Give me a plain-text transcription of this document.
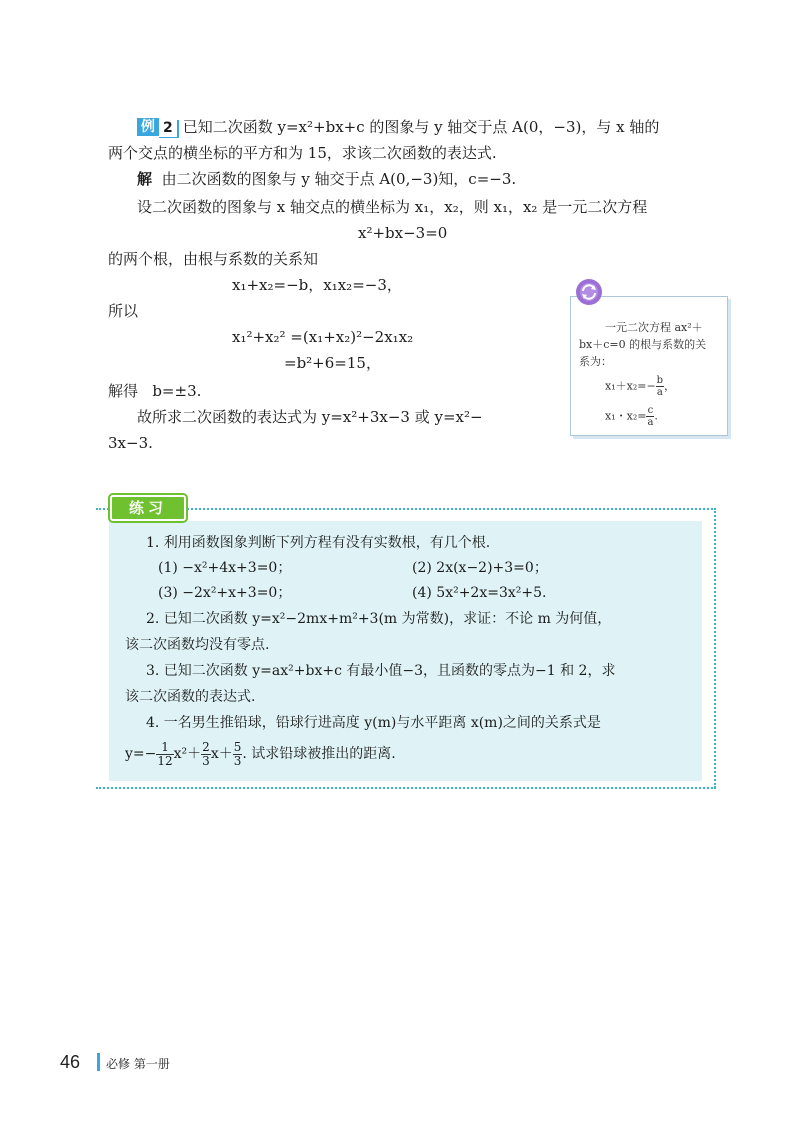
例 2 已知二次函数 y=x²+bx+c 的图象与 y 轴交于点 A(0，−3)，与 x 轴的
两个交点的横坐标的平方和为 15，求该二次函数的表达式.
解 由二次函数的图象与 y 轴交于点 A(0,−3)知，c=−3.
设二次函数的图象与 x 轴交点的横坐标为 x₁，x₂，则 x₁，x₂ 是一元二次方程
x²+bx−3=0
的两个根，由根与系数的关系知
x₁+x₂=−b，x₁x₂=−3，
所以
x₁²+x₂² =(x₁+x₂)²−2x₁x₂
=b²+6=15，
解得 b=±3.
故所求二次函数的表达式为 y=x²+3x−3 或 y=x²−
3x−3.
一元二次方程 ax²＋
bx＋c=0 的根与系数的关
系为：
$x_1+x_2=- \frac{b}{a}$ ，
x₁・$x_2= \frac{c}{a}$ .
练习
1. 利用函数图象判断下列方程有没有实数根，有几个根.
(1) −x²+4x+3=0；	(2) 2x(x−2)+3=0；
(3) −2x²+x+3=0；	(4) 5x²+2x=3x²+5.
2. 已知二次函数 y=x²−2mx+m²+3(m 为常数)，求证：不论 m 为何值，
该二次函数均没有零点.
3. 已知二次函数 y=ax²+bx+c 有最小值−3，且函数的零点为−1 和 2，求
该二次函数的表达式.
4. 一名男生推铅球，铅球行进高度 y(m)与水平距离 x(m)之间的关系式是
$y=- \frac{1}{12} x^2+ \frac{2}{3} x+ \frac{5}{3}$ . 试求铅球被推出的距离.
46 必修 第一册
